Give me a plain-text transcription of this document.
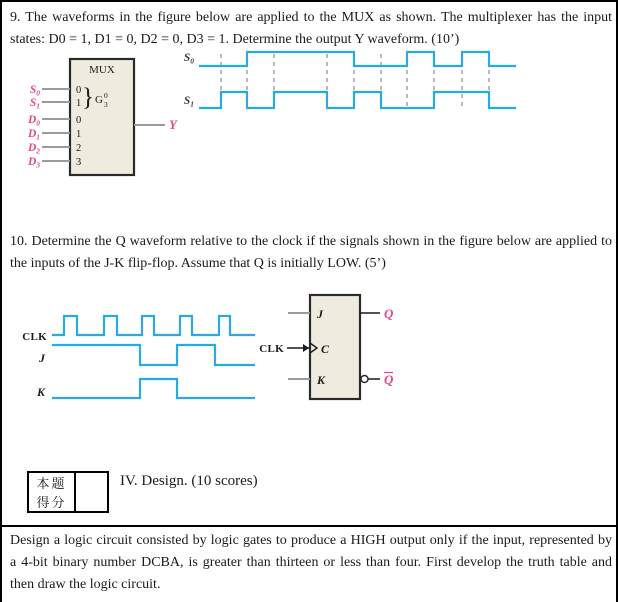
9. The waveforms in the figure below are applied to the MUX as shown. The multiplexer has the input
states: D0 = 1, D1 = 0, D2 = 0, D3 = 1. Determine the output Y waveform. (10’)
10. Determine the Q waveform relative to the clock if the signals shown in the figure below are applied to
the inputs of the J-K flip-flop. Assume that Q is initially LOW. (5’)
本题
得分
IV. Design. (10 scores)
Design a logic circuit consisted by logic gates to produce a HIGH output only if the input, represented by
a 4-bit binary number DCBA, is greater than thirteen or less than four. First develop the truth table and
then draw the logic circuit.
MUX
$S_0$
$S_1$
$D_0$
$D_1$
$D_2$
$D_3$
0
1 } G 0
3
0
1
2
3
Y
$S_0$
$S_1$
CLK
J
K
J
CLK	C
K
Q
Q
